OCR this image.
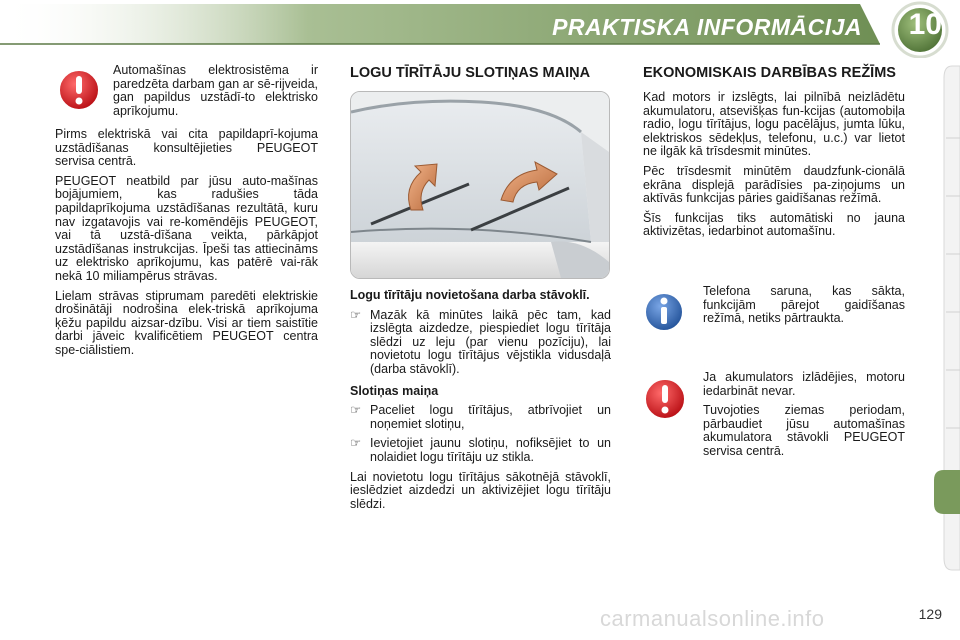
PRAKTISKA INFORMĀCIJA 10

Automašīnas elektrosistēma ir paredzēta darbam gan ar sē-rijveida, gan papildus uzstādī-to elektrisko aprīkojumu.

Pirms elektriskā vai cita papildaprī-kojuma uzstādīšanas konsultējieties PEUGEOT servisa centrā.

PEUGEOT neatbild par jūsu auto-mašīnas bojājumiem, kas radušies tāda papildaprīkojuma uzstādīšanas rezultātā, kuru nav izgatavojis vai re-komēndējis PEUGEOT, vai tā uzstā-dīšana veikta, pārkāpjot uzstādīšanas instrukcijas. Īpeši tas attiecināms uz elektrisko aprīkojumu, kas patērē vai-rāk nekā 10 miliampērus strāvas.

Lielam strāvas stiprumam paredēti elektriskie drošinātāji nodrošina elek-triskā aprīkojuma ķēžu papildu aizsar-dzību. Visi ar tiem saistītie darbi jāveic kvalificētiem PEUGEOT centra spe-ciālistiem.

LOGU TĪRĪTĀJU SLOTIŅAS MAIŅA

Logu tīrītāju novietošana darba stāvoklī.

☞ Mazāk kā minūtes laikā pēc tam, kad izslēgta aizdedze, piespiediet logu tīrītāja slēdzi uz leju (par vienu pozīciju), lai novietotu logu tīrītājus vējstikla vidusdaļā (darba stāvoklī).

Slotiņas maiņa

☞ Paceliet logu tīrītājus, atbrīvojiet un noņemiet slotiņu,
☞ Ievietojiet jaunu slotiņu, nofiksējiet to un nolaidiet logu tīrītāju uz stikla.

Lai novietotu logu tīrītājus sākotnējā stāvoklī, ieslēdziet aizdedzi un aktivizējiet logu tīrītāju slēdzi.

EKONOMISKAIS DARBĪBAS REŽĪMS

Kad motors ir izslēgts, lai pilnībā neizlādētu akumulatoru, atsevišķas fun-kcijas (automobiļa radio, logu tīrītājus, logu pacēlājus, jumta lūku, elektriskos sēdekļus, telefonu, u.c.) var lietot ne ilgāk kā trīsdesmit minūtes.

Pēc trīsdesmit minūtēm daudzfunk-cionālā ekrāna displejā parādīsies pa-ziņojums un aktīvās funkcijas pāries gaidīšanas režīmā.

Šīs funkcijas tiks automātiski no jauna aktivizētas, iedarbinot automašīnu.

Telefona saruna, kas sākta, funkcijām pārejot gaidīšanas režīmā, netiks pārtraukta.

Ja akumulators izlādējies, motoru iedarbināt nevar.

Tuvojoties ziemas periodam, pārbaudiet jūsu automašīnas akumulatora stāvokli PEUGEOT servisa centrā.

carmanualsonline.info	129
